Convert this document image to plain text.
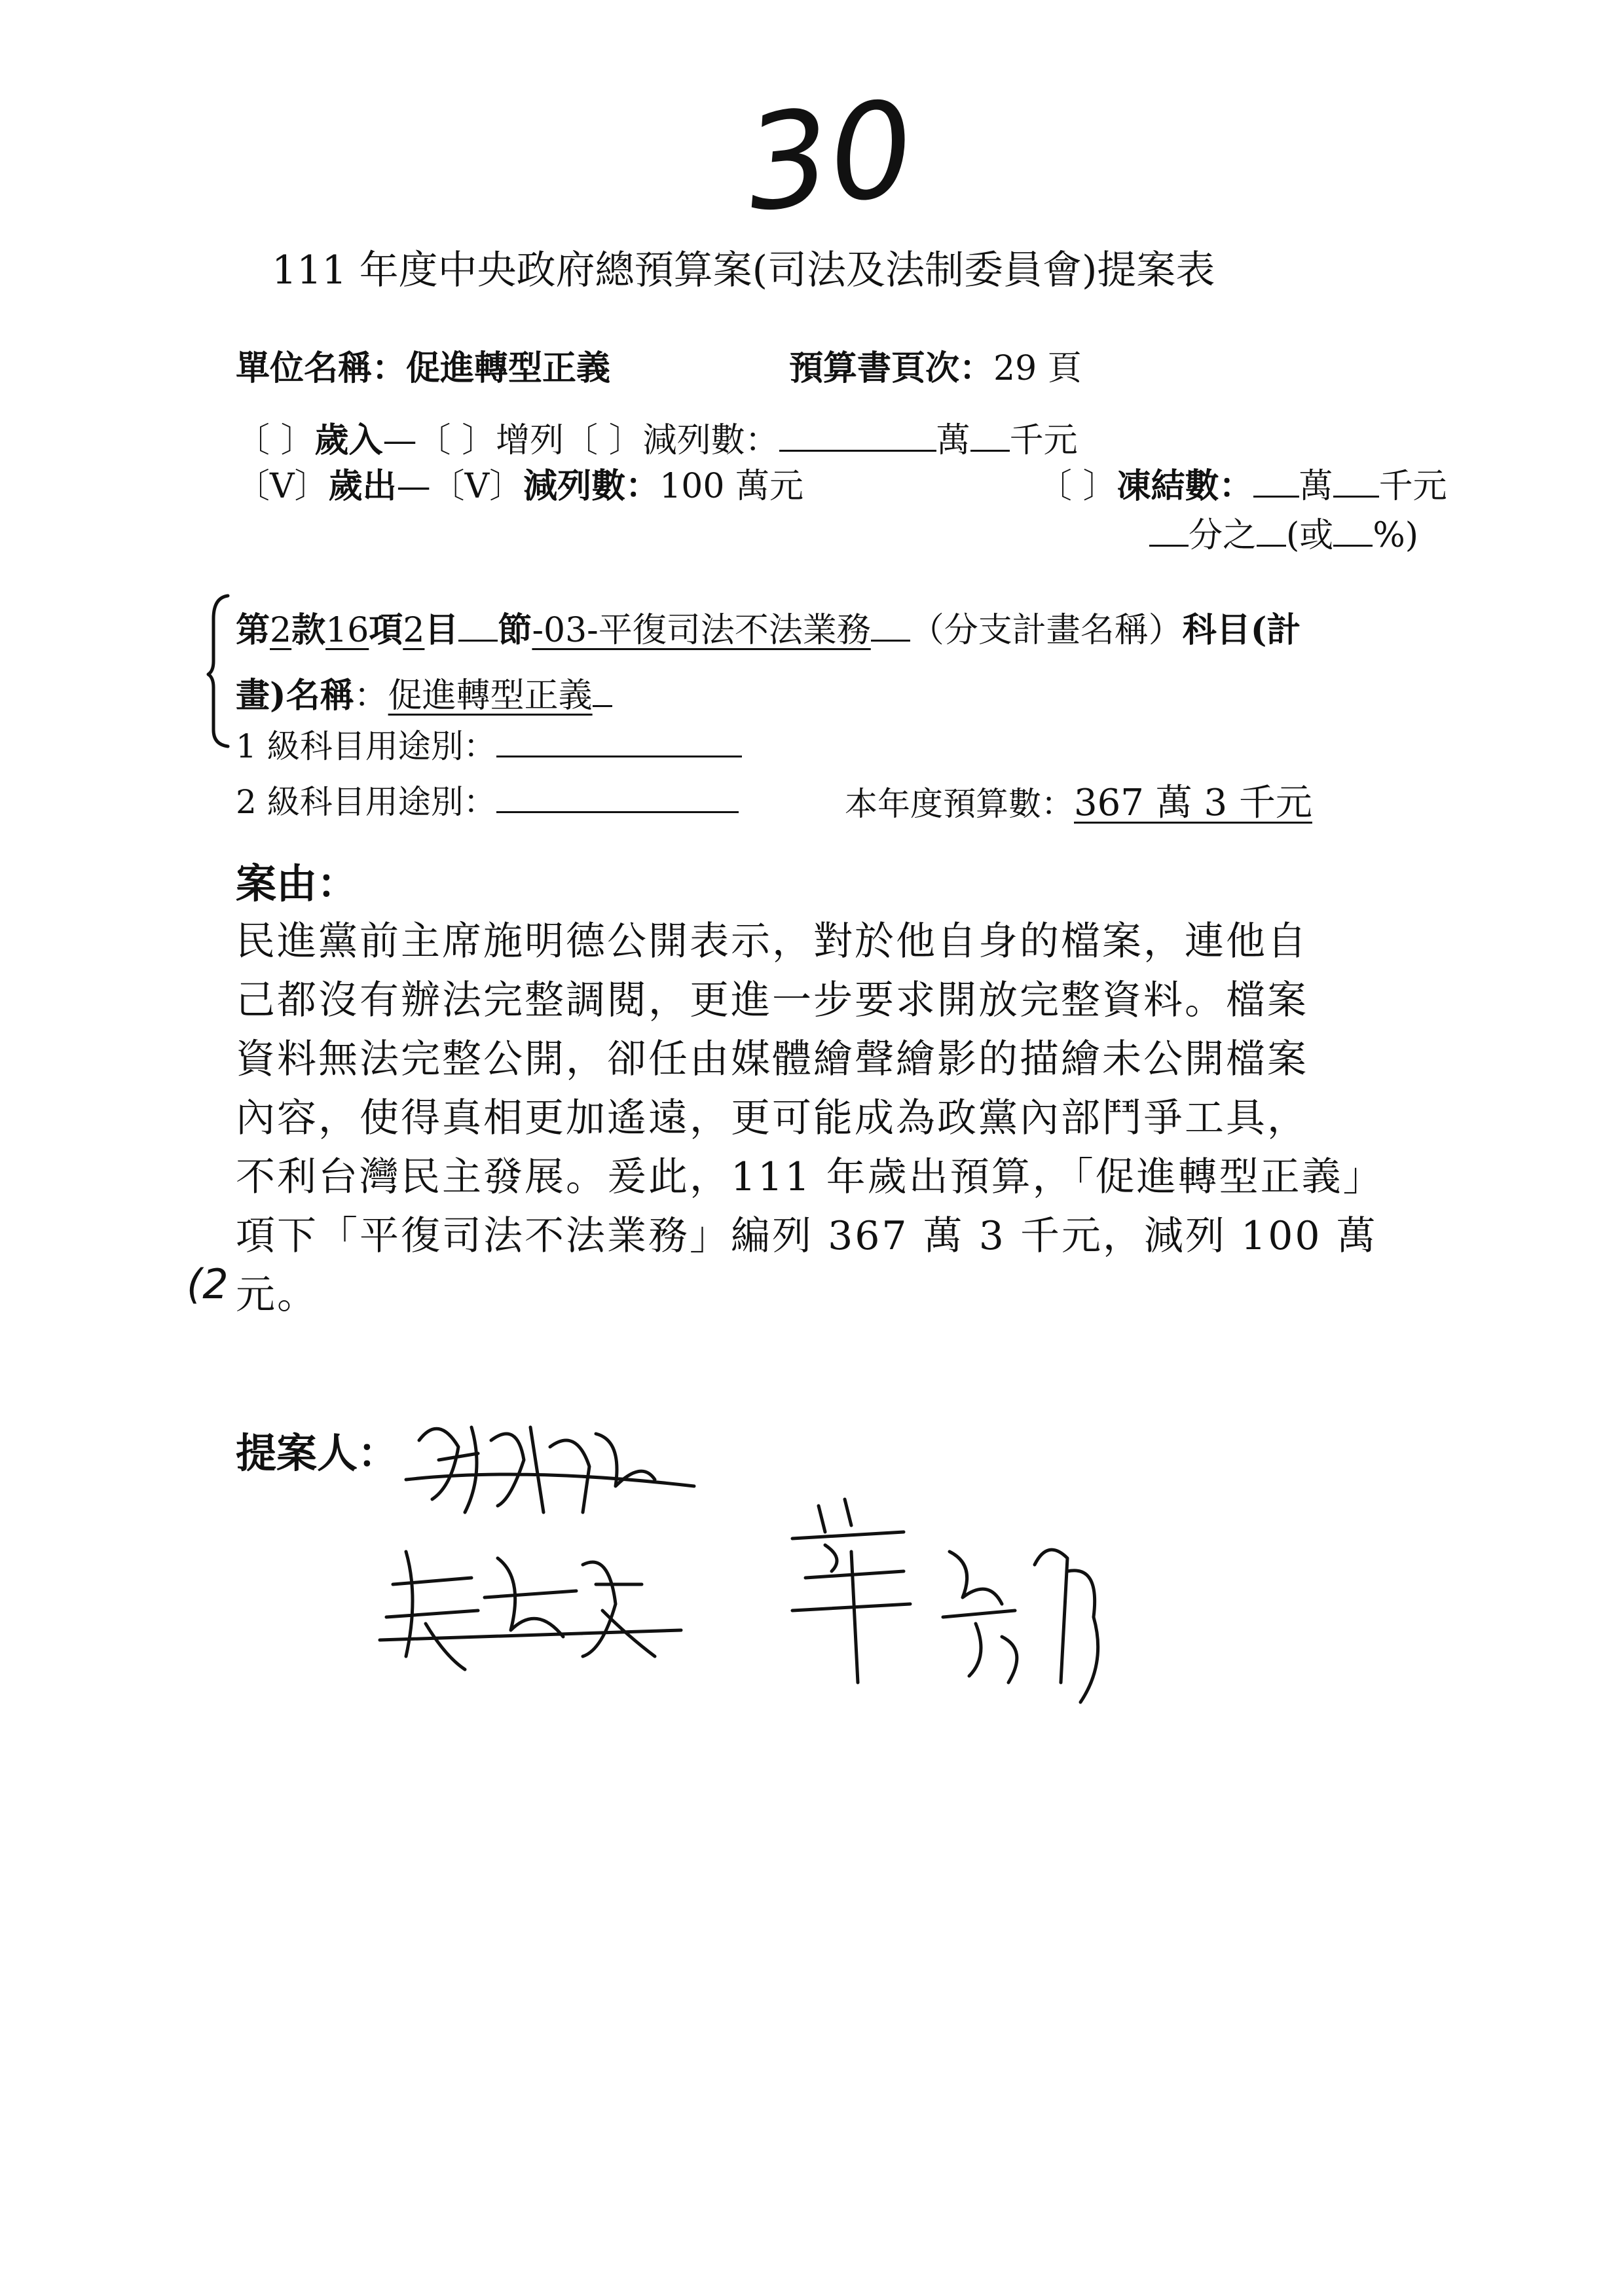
30
111 年度中央政府總預算案(司法及法制委員會)提案表
單位名稱：促進轉型正義	預算書頁次：29 頁
〔 〕歲入—〔 〕增列〔 〕減列數：	萬 千元
〔V〕歲出—〔V〕減列數：100 萬元	〔 〕凍結數： 萬 千元
分之 (或 %)
第2款16項2目 節-03-平復司法不法業務 （分支計畫名稱）科目(計
畫)名稱：促進轉型正義
1 級科目用途別：
2 級科目用途別：	本年度預算數：367 萬 3 千元
案由：
民進黨前主席施明德公開表示，對於他自身的檔案，連他自
己都沒有辦法完整調閱，更進一步要求開放完整資料。檔案
資料無法完整公開，卻任由媒體繪聲繪影的描繪未公開檔案
內容，使得真相更加遙遠，更可能成為政黨內部鬥爭工具，
不利台灣民主發展。爰此，111 年歲出預算，「促進轉型正義」
項下「平復司法不法業務」編列 367 萬 3 千元，減列 100 萬
元。
(2
提案人：
